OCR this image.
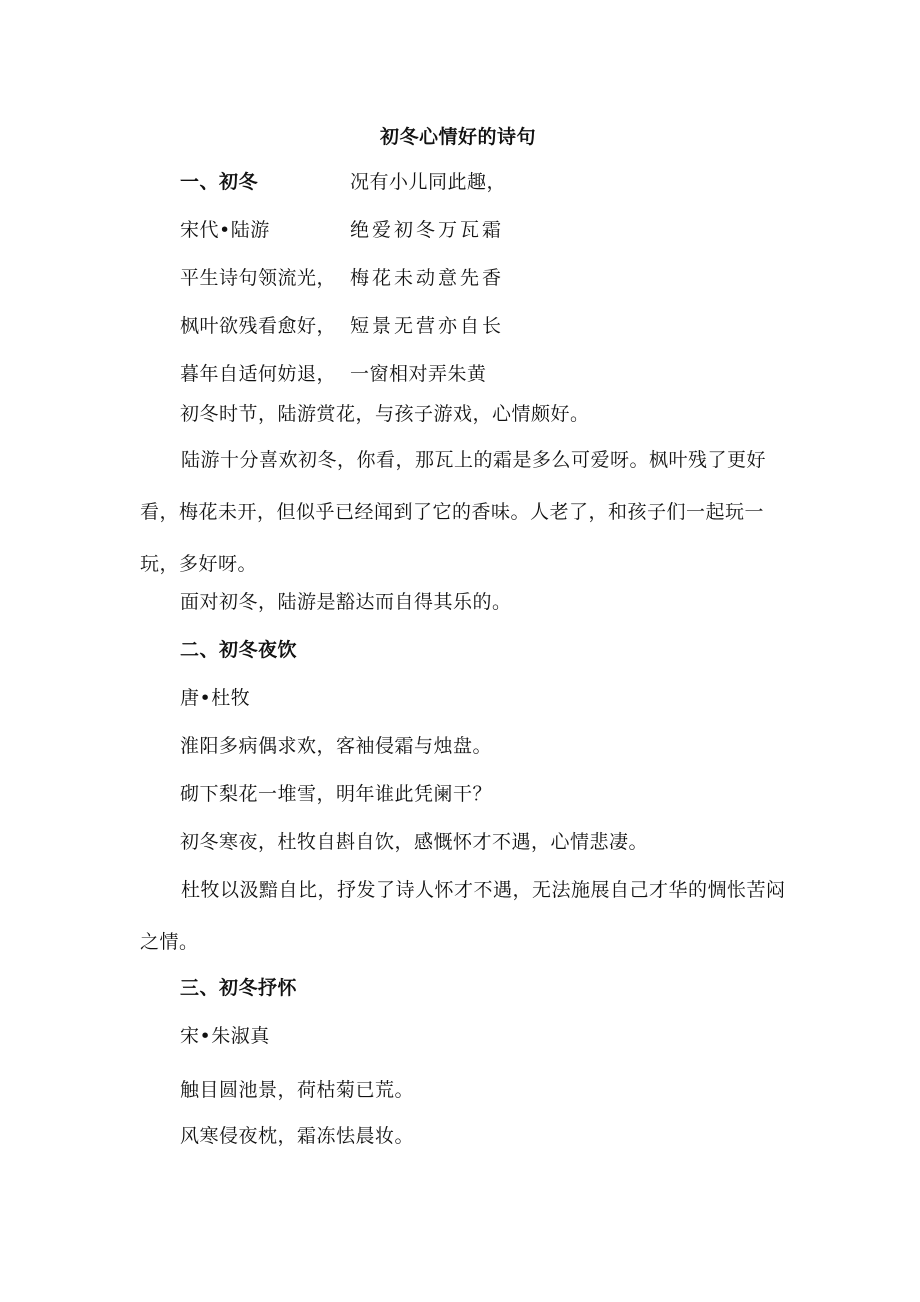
初冬心情好的诗句
一、初冬	况有小儿同此趣，
宋代•陆游	绝爱初冬万瓦霜
平生诗句领流光， 梅花未动意先香
枫叶欲残看愈好， 短景无营亦自长
暮年自适何妨退， 一窗相对弄朱黄
初冬时节，陆游赏花，与孩子游戏，心情颇好。
陆游十分喜欢初冬，你看，那瓦上的霜是多么可爱呀。枫叶残了更好看，梅花未开，但似乎已经闻到了它的香味。人老了，和孩子们一起玩一玩，多好呀。
面对初冬，陆游是豁达而自得其乐的。
二、初冬夜饮
唐•杜牧
淮阳多病偶求欢，客袖侵霜与烛盘。
砌下梨花一堆雪，明年谁此凭阑干？
初冬寒夜，杜牧自斟自饮，感慨怀才不遇，心情悲凄。
杜牧以汲黯自比，抒发了诗人怀才不遇，无法施展自己才华的惆怅苦闷之情。
三、初冬抒怀
宋•朱淑真
触目圆池景，荷枯菊已荒。
风寒侵夜枕，霜冻怯晨妆。
